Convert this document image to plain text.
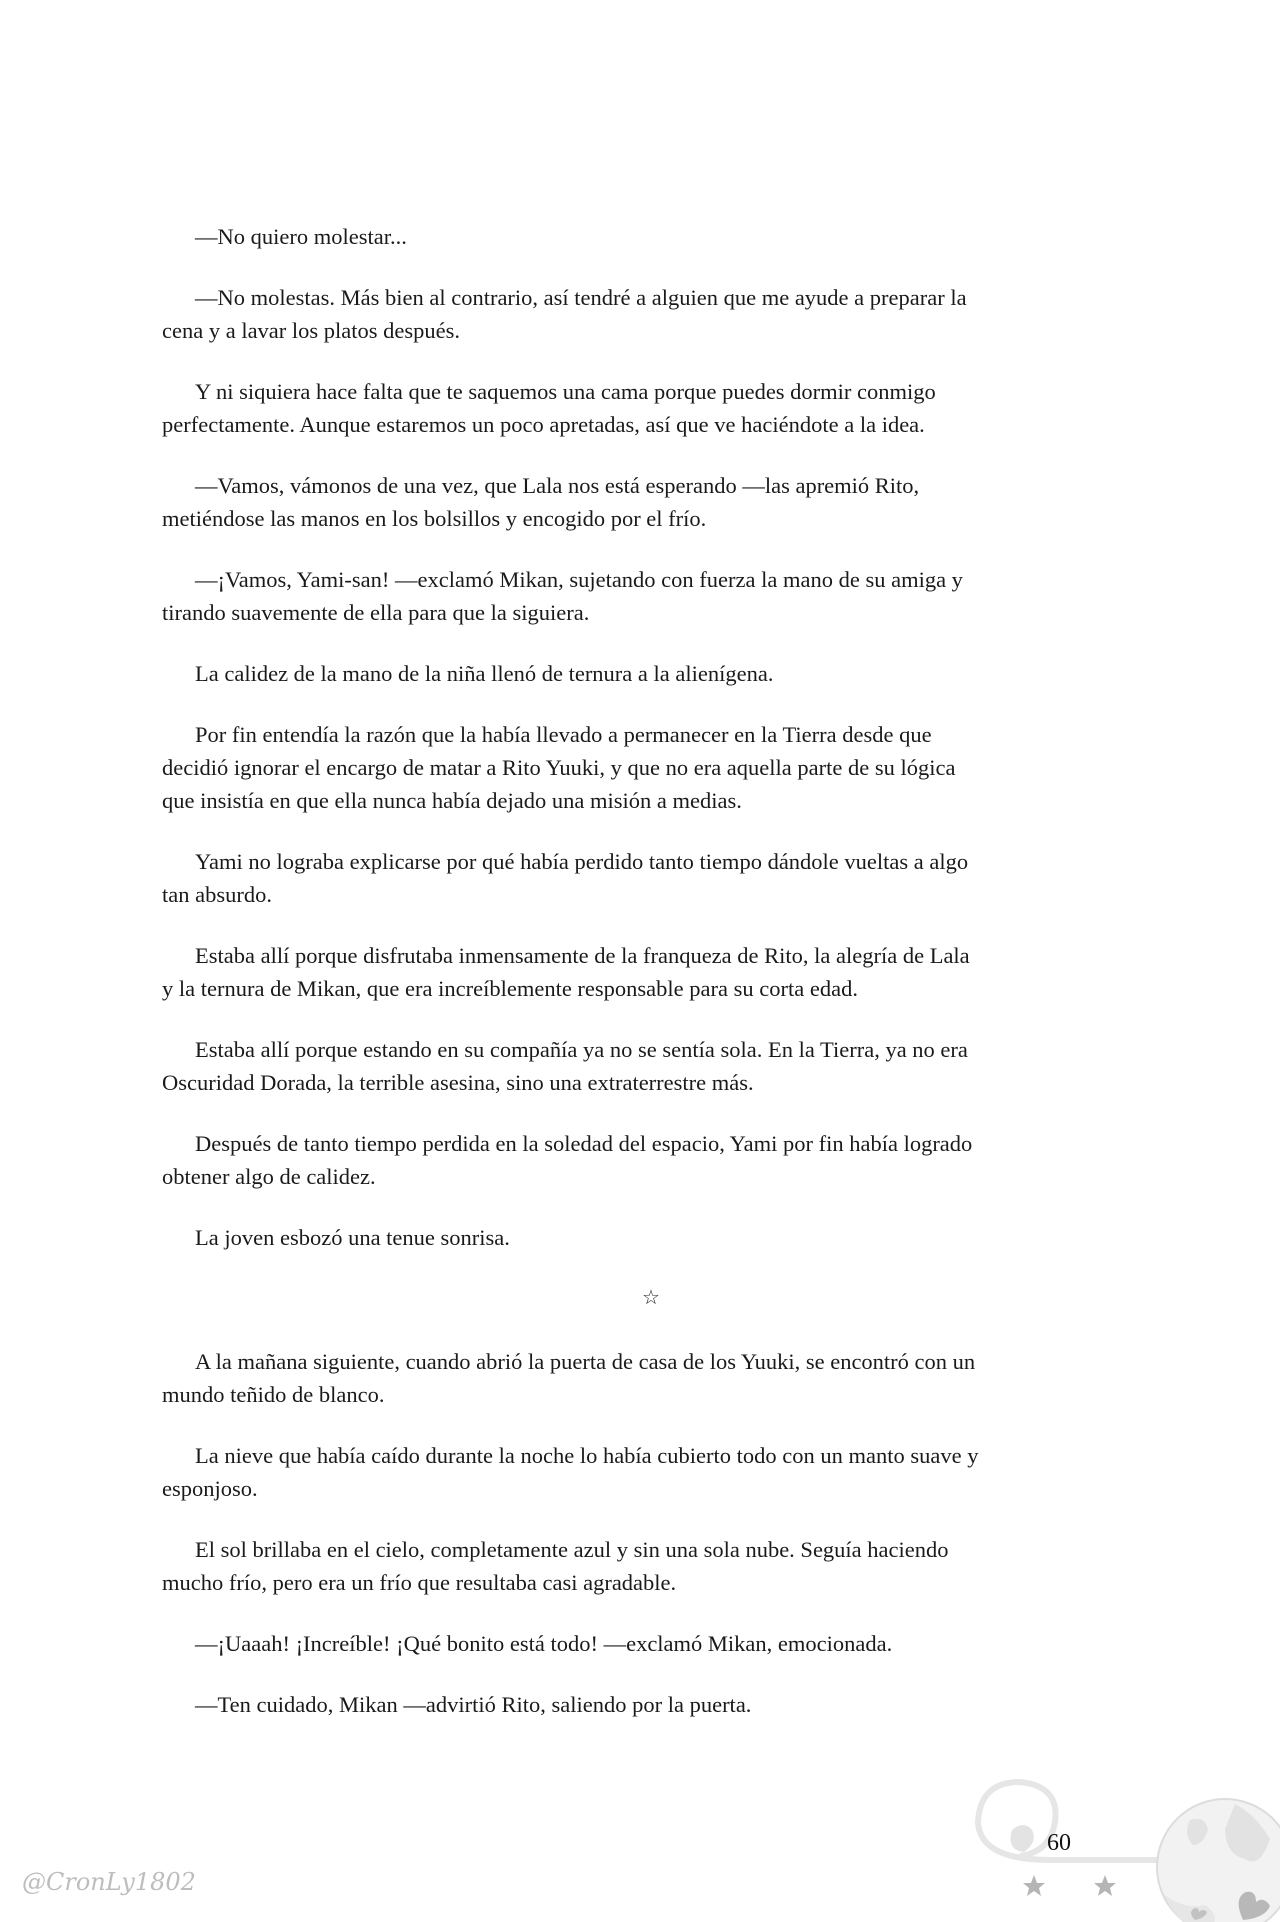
—No quiero molestar...
—No molestas. Más bien al contrario, así tendré a alguien que me ayude a preparar la
cena y a lavar los platos después.
Y ni siquiera hace falta que te saquemos una cama porque puedes dormir conmigo
perfectamente. Aunque estaremos un poco apretadas, así que ve haciéndote a la idea.
—Vamos, vámonos de una vez, que Lala nos está esperando —las apremió Rito,
metiéndose las manos en los bolsillos y encogido por el frío.
—¡Vamos, Yami-san! —exclamó Mikan, sujetando con fuerza la mano de su amiga y
tirando suavemente de ella para que la siguiera.
La calidez de la mano de la niña llenó de ternura a la alienígena.
Por fin entendía la razón que la había llevado a permanecer en la Tierra desde que
decidió ignorar el encargo de matar a Rito Yuuki, y que no era aquella parte de su lógica
que insistía en que ella nunca había dejado una misión a medias.
Yami no lograba explicarse por qué había perdido tanto tiempo dándole vueltas a algo
tan absurdo.
Estaba allí porque disfrutaba inmensamente de la franqueza de Rito, la alegría de Lala
y la ternura de Mikan, que era increíblemente responsable para su corta edad.
Estaba allí porque estando en su compañía ya no se sentía sola. En la Tierra, ya no era
Oscuridad Dorada, la terrible asesina, sino una extraterrestre más.
Después de tanto tiempo perdida en la soledad del espacio, Yami por fin había logrado
obtener algo de calidez.
La joven esbozó una tenue sonrisa.
☆
A la mañana siguiente, cuando abrió la puerta de casa de los Yuuki, se encontró con un
mundo teñido de blanco.
La nieve que había caído durante la noche lo había cubierto todo con un manto suave y
esponjoso.
El sol brillaba en el cielo, completamente azul y sin una sola nube. Seguía haciendo
mucho frío, pero era un frío que resultaba casi agradable.
—¡Uaaah! ¡Increíble! ¡Qué bonito está todo! —exclamó Mikan, emocionada.
—Ten cuidado, Mikan —advirtió Rito, saliendo por la puerta.
60
@CronLy1802
